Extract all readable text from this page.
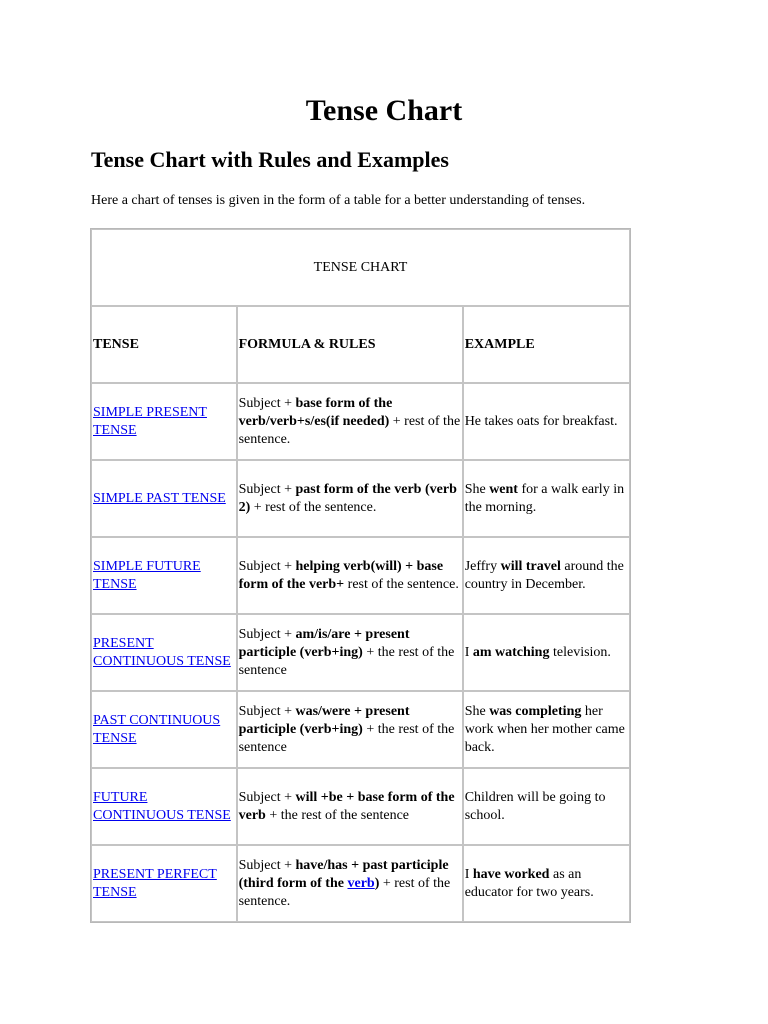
Tense Chart
Tense Chart with Rules and Examples

Here a chart of tenses is given in the form of a table for a better understanding of tenses.

TENSE CHART		
TENSE	FORMULA & RULES	EXAMPLE
SIMPLE PRESENT TENSE	Subject + base form of the verb/verb+s/es(if needed) + rest of the sentence.	He takes oats for breakfast.
SIMPLE PAST TENSE	Subject + past form of the verb (verb 2) + rest of the sentence.	She went for a walk early in the morning.
SIMPLE FUTURE TENSE	Subject + helping verb(will) + base form of the verb+ rest of the sentence.	Jeffry will travel around the country in December.
PRESENT CONTINUOUS TENSE	Subject + am/is/are + present participle (verb+ing) + the rest of the sentence	I am watching television.
PAST CONTINUOUS TENSE	Subject + was/were + present participle (verb+ing) + the rest of the sentence	She was completing her work when her mother came back.
FUTURE CONTINUOUS TENSE	Subject + will +be + base form of the verb + the rest of the sentence	Children will be going to school.
PRESENT PERFECT TENSE	Subject + have/has + past participle (third form of the verb) + rest of the sentence.	I have worked as an educator for two years.
